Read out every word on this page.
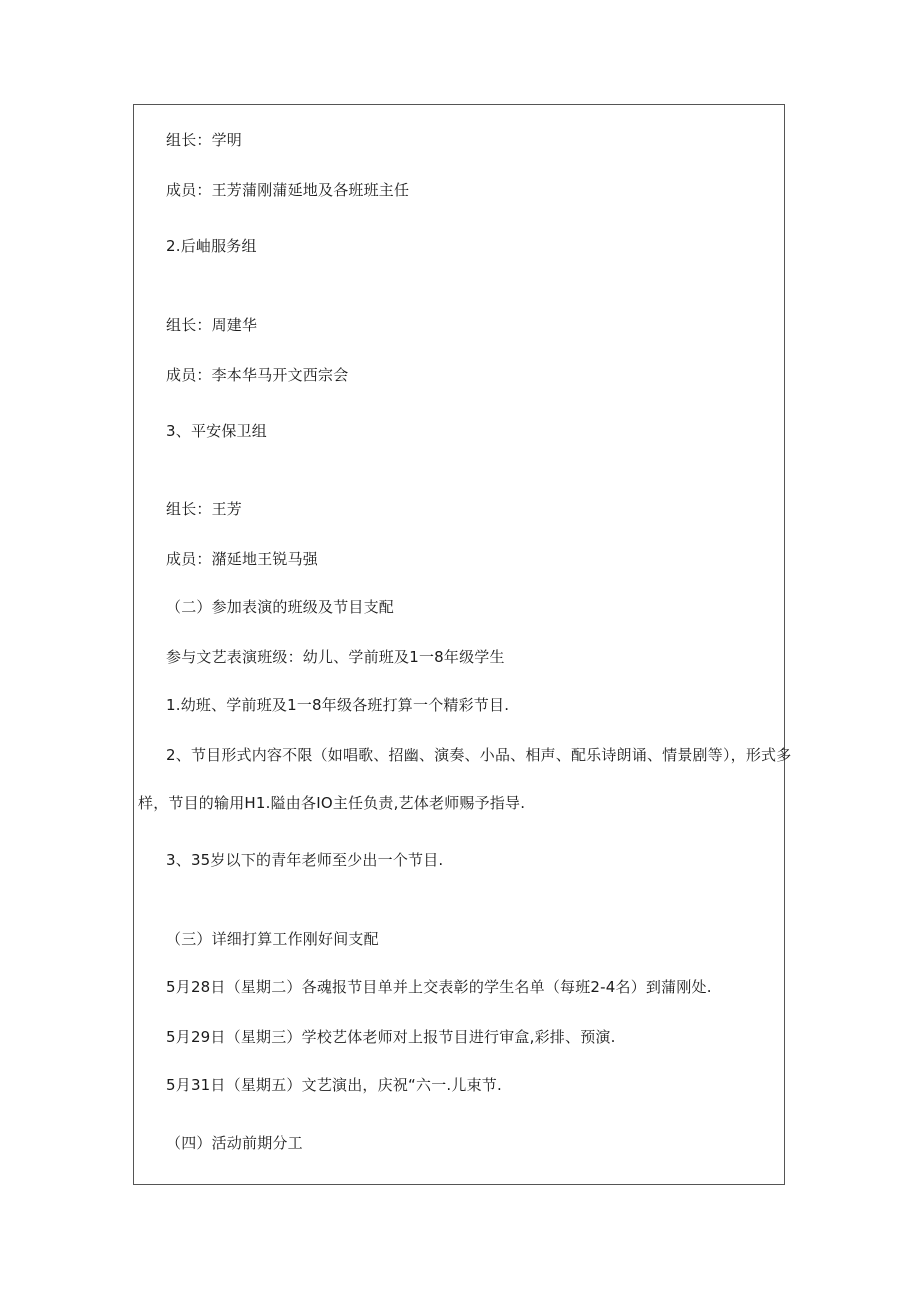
组长：学明
成员：王芳蒲刚蒲延地及各班班主任
2.后岫服务组
组长：周建华
成员：李本华马开文西宗会
3、平安保卫组
组长：王芳
成员：潴延地王锐马强
（二）参加表演的班级及节目支配
参与文艺表演班级：幼儿、学前班及1一8年级学生
1.幼班、学前班及1一8年级各班打算一个精彩节目.
2、节目形式内容不限（如唱歌、招幽、演奏、小品、相声、配乐诗朗诵、情景剧等），形式多
样，节目的输用H1.隘由各IO主任负责,艺体老师赐予指导.
3、35岁以下的青年老师至少出一个节目.
（三）详细打算工作刚好间支配
5月28日（星期二）各魂报节目单并上交表彰的学生名单（每班2-4名）到蒲刚处.
5月29日（星期三）学校艺体老师对上报节目进行审盒,彩排、预演.
5月31日（星期五）文艺演出，庆祝“六一.儿束节.
（四）活动前期分工
